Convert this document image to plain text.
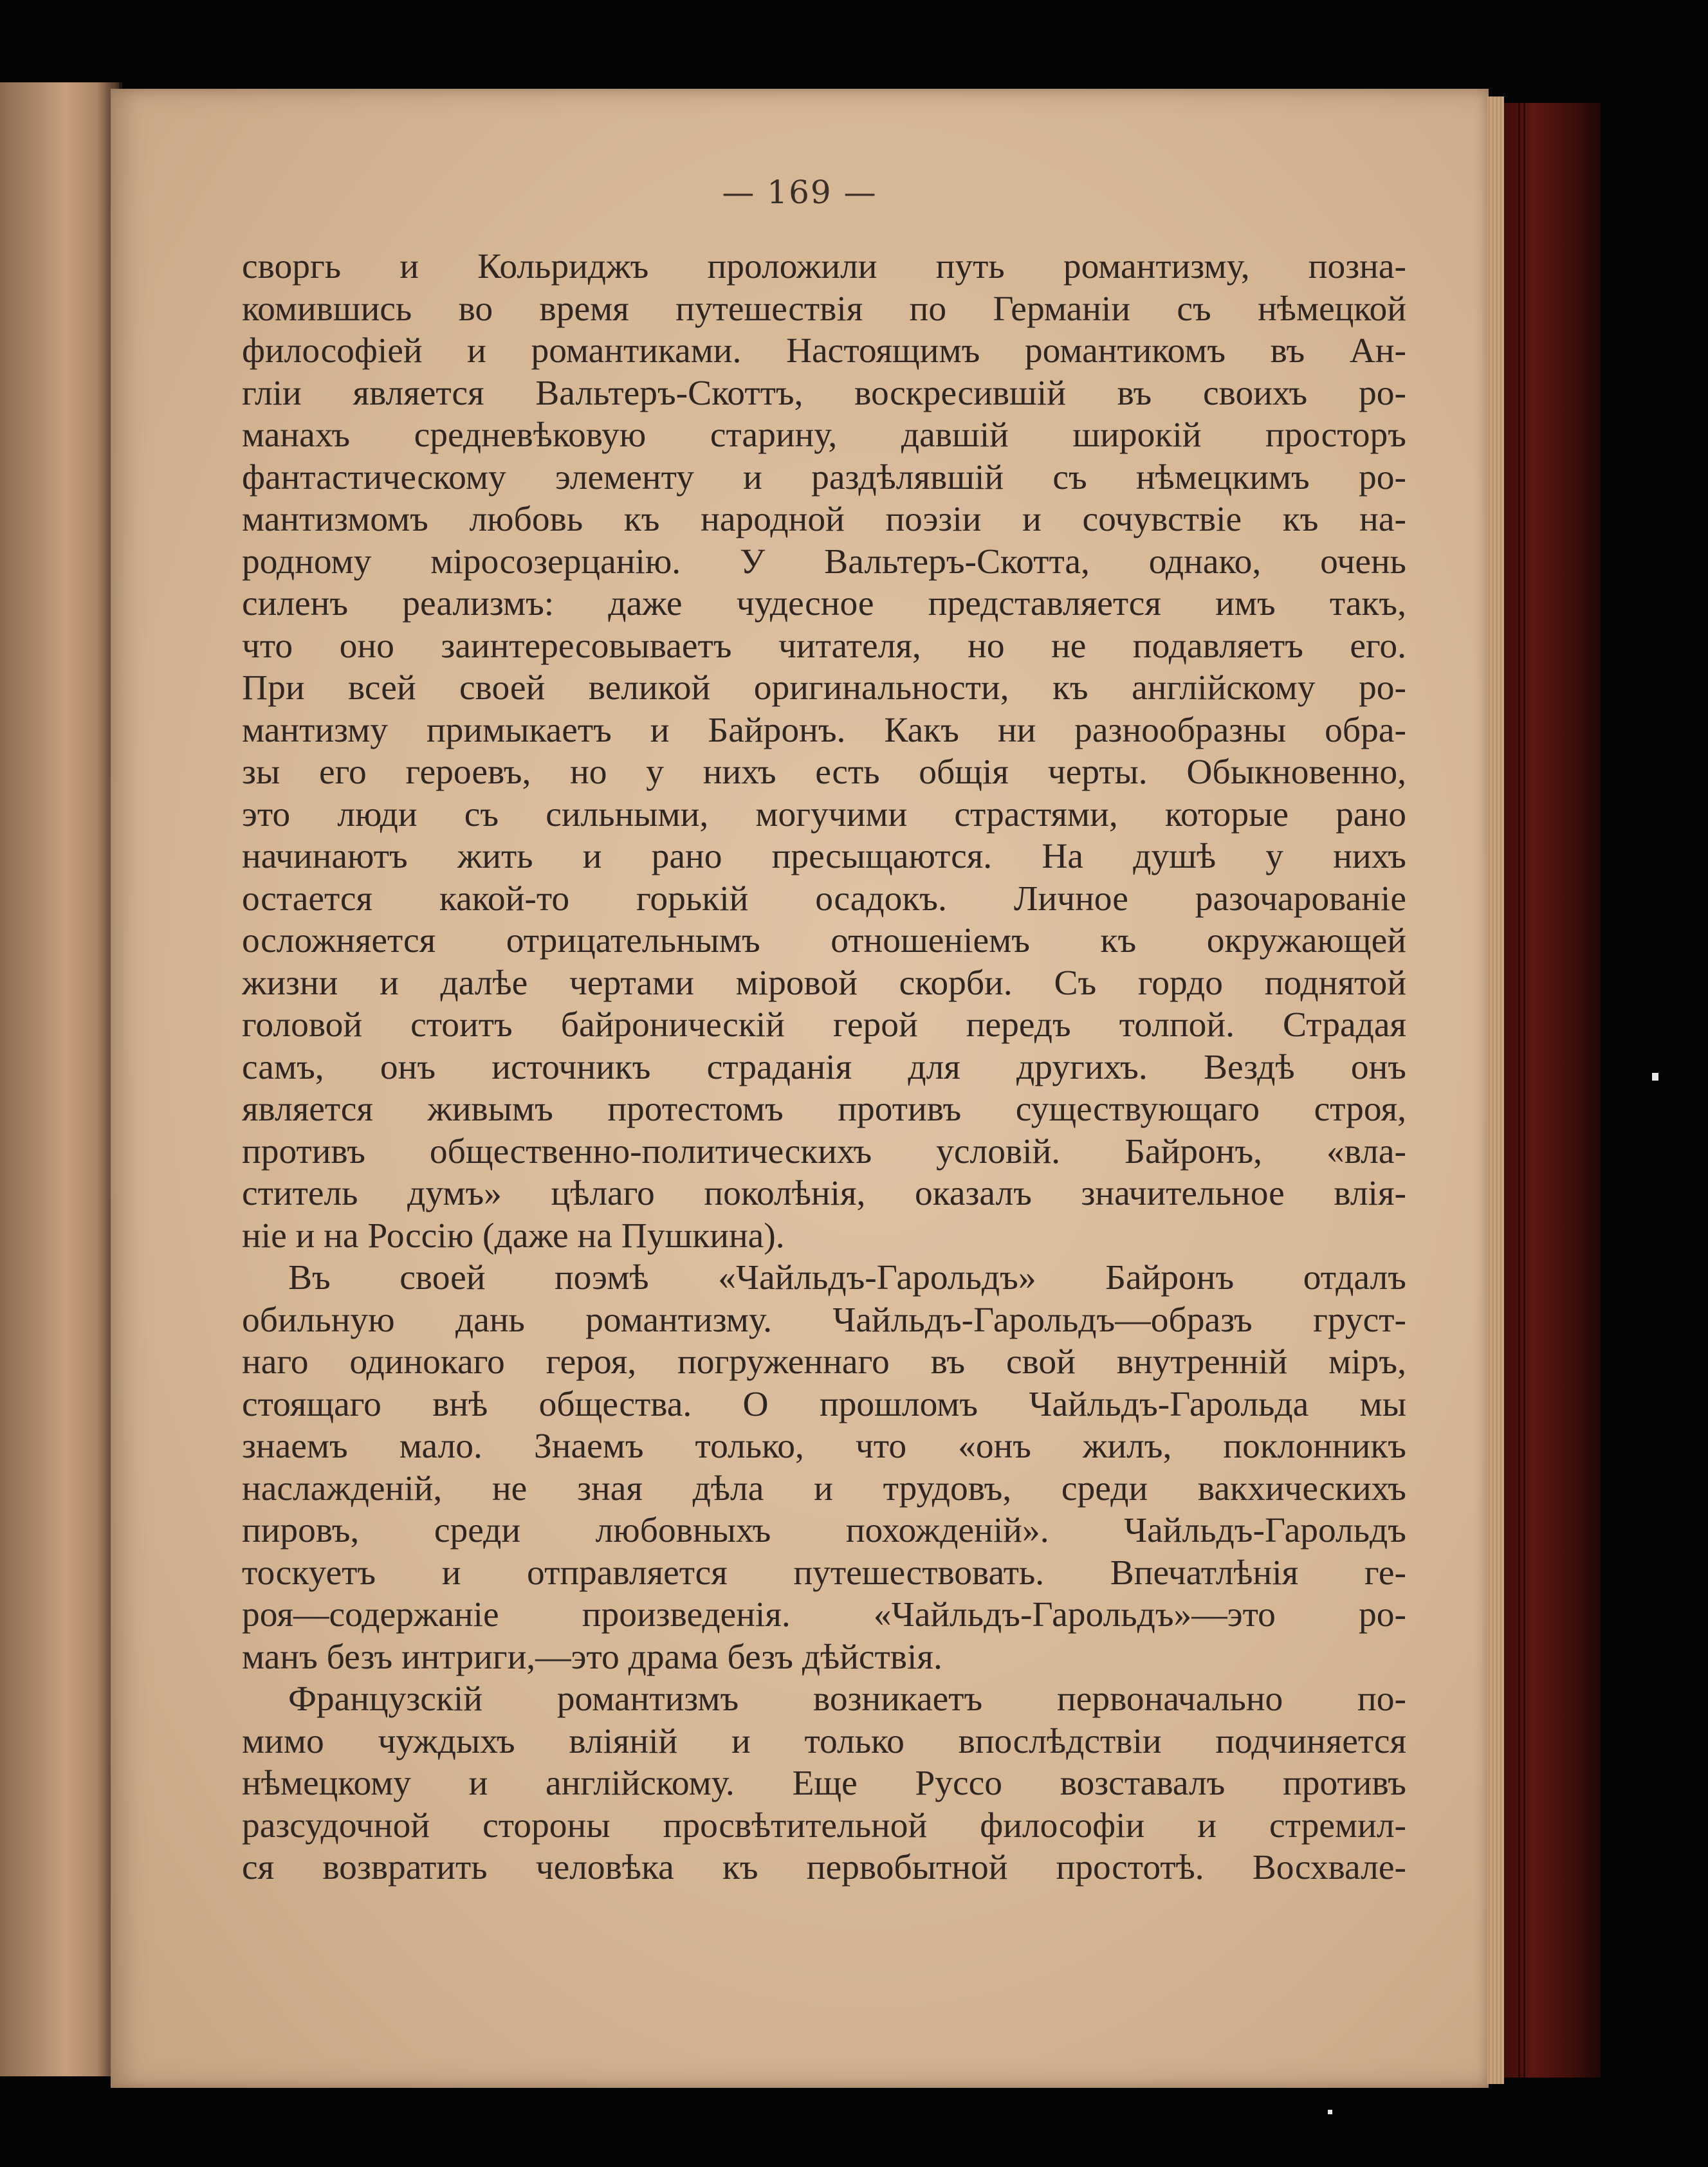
— 169 —
своргь и Кольриджъ проложили путь романтизму, позна-
комившись во время путешествія по Германіи съ нѣмецкой
философіей и романтиками. Настоящимъ романтикомъ въ Ан-
гліи является Вальтеръ-Скоттъ, воскресившій въ своихъ ро-
манахъ средневѣковую старину, давшій широкій просторъ
фантастическому элементу и раздѣлявшій съ нѣмецкимъ ро-
мантизмомъ любовь къ народной поэзіи и сочувствіе къ на-
родному міросозерцанію. У Вальтеръ-Скотта, однако, очень
силенъ реализмъ: даже чудесное представляется имъ такъ,
что оно заинтересовываетъ читателя, но не подавляетъ его.
При всей своей великой оригинальности, къ англійскому ро-
мантизму примыкаетъ и Байронъ. Какъ ни разнообразны обра-
зы его героевъ, но у нихъ есть общія черты. Обыкновенно,
это люди съ сильными, могучими страстями, которые рано
начинаютъ жить и рано пресыщаются. На душѣ у нихъ
остается какой-то горькій осадокъ. Личное разочарованіе
осложняется отрицательнымъ отношеніемъ къ окружающей
жизни и далѣе чертами міровой скорби. Съ гордо поднятой
головой стоитъ байроническій герой передъ толпой. Страдая
самъ, онъ источникъ страданія для другихъ. Вездѣ онъ
является живымъ протестомъ противъ существующаго строя,
противъ общественно-политическихъ условій. Байронъ, «вла-
ститель думъ» цѣлаго поколѣнія, оказалъ значительное влія-
ніе и на Россію (даже на Пушкина).
Въ своей поэмѣ «Чайльдъ-Гарольдъ» Байронъ отдалъ
обильную дань романтизму. Чайльдъ-Гарольдъ—образъ груст-
наго одинокаго героя, погруженнаго въ свой внутренній міръ,
стоящаго внѣ общества. О прошломъ Чайльдъ-Гарольда мы
знаемъ мало. Знаемъ только, что «онъ жилъ, поклонникъ
наслажденій, не зная дѣла и трудовъ, среди вакхическихъ
пировъ, среди любовныхъ похожденій». Чайльдъ-Гарольдъ
тоскуетъ и отправляется путешествовать. Впечатлѣнія ге-
роя—содержаніе произведенія. «Чайльдъ-Гарольдъ»—это ро-
манъ безъ интриги,—это драма безъ дѣйствія.
Французскій романтизмъ возникаетъ первоначально по-
мимо чуждыхъ вліяній и только впослѣдствіи подчиняется
нѣмецкому и англійскому. Еще Руссо возставалъ противъ
разсудочной стороны просвѣтительной философіи и стремил-
ся возвратить человѣка къ первобытной простотѣ. Восхвале-
